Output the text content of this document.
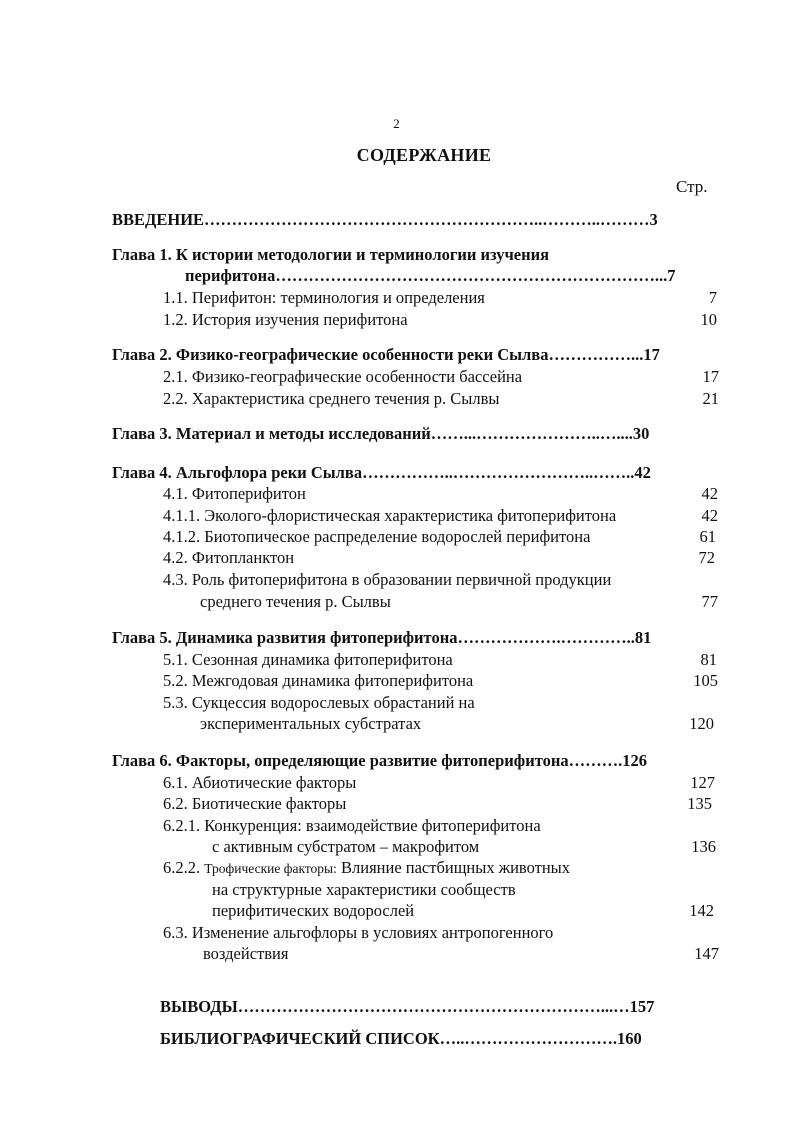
2
СОДЕРЖАНИЕ
Стр.
ВВЕДЕНИЕ……………………………………………………..………..………3
Глава 1. К истории методологии и терминологии изучения
перифитона……………………………………………………………...7
1.1. Перифитон: терминология и определения	7
1.2. История изучения перифитона	10
Глава 2. Физико-географические особенности реки Сылва……………...17
2.1. Физико-географические особенности бассейна	17
2.2. Характеристика среднего течения р. Сылвы	21
Глава 3. Материал и методы исследований……...…………………..…....30
Глава 4. Альгофлора реки Сылва……………..……………………..……..42
4.1. Фитоперифитон	42
4.1.1. Эколого-флористическая характеристика фитоперифитона	42
4.1.2. Биотопическое распределение водорослей перифитона	61
4.2. Фитопланктон	72
4.3. Роль фитоперифитона в образовании первичной продукции
среднего течения р. Сылвы	77
Глава 5. Динамика развития фитоперифитона……………….…………..81
5.1. Сезонная динамика фитоперифитона	81
5.2. Межгодовая динамика фитоперифитона	105
5.3. Сукцессия водорослевых обрастаний на
экспериментальных субстратах	120
Глава 6. Факторы, определяющие развитие фитоперифитона……….126
6.1. Абиотические факторы	127
6.2. Биотические факторы	135
6.2.1. Конкуренция: взаимодействие фитоперифитона
с активным субстратом – макрофитом	136
6.2.2. Трофические факторы: Влияние пастбищных животных
на структурные характеристики сообществ
перифитических водорослей	142
6.3. Изменение альгофлоры в условиях антропогенного
воздействия	147
ВЫВОДЫ…………………………………………………………...…157
БИБЛИОГРАФИЧЕСКИЙ СПИСОК…..……………………….160
